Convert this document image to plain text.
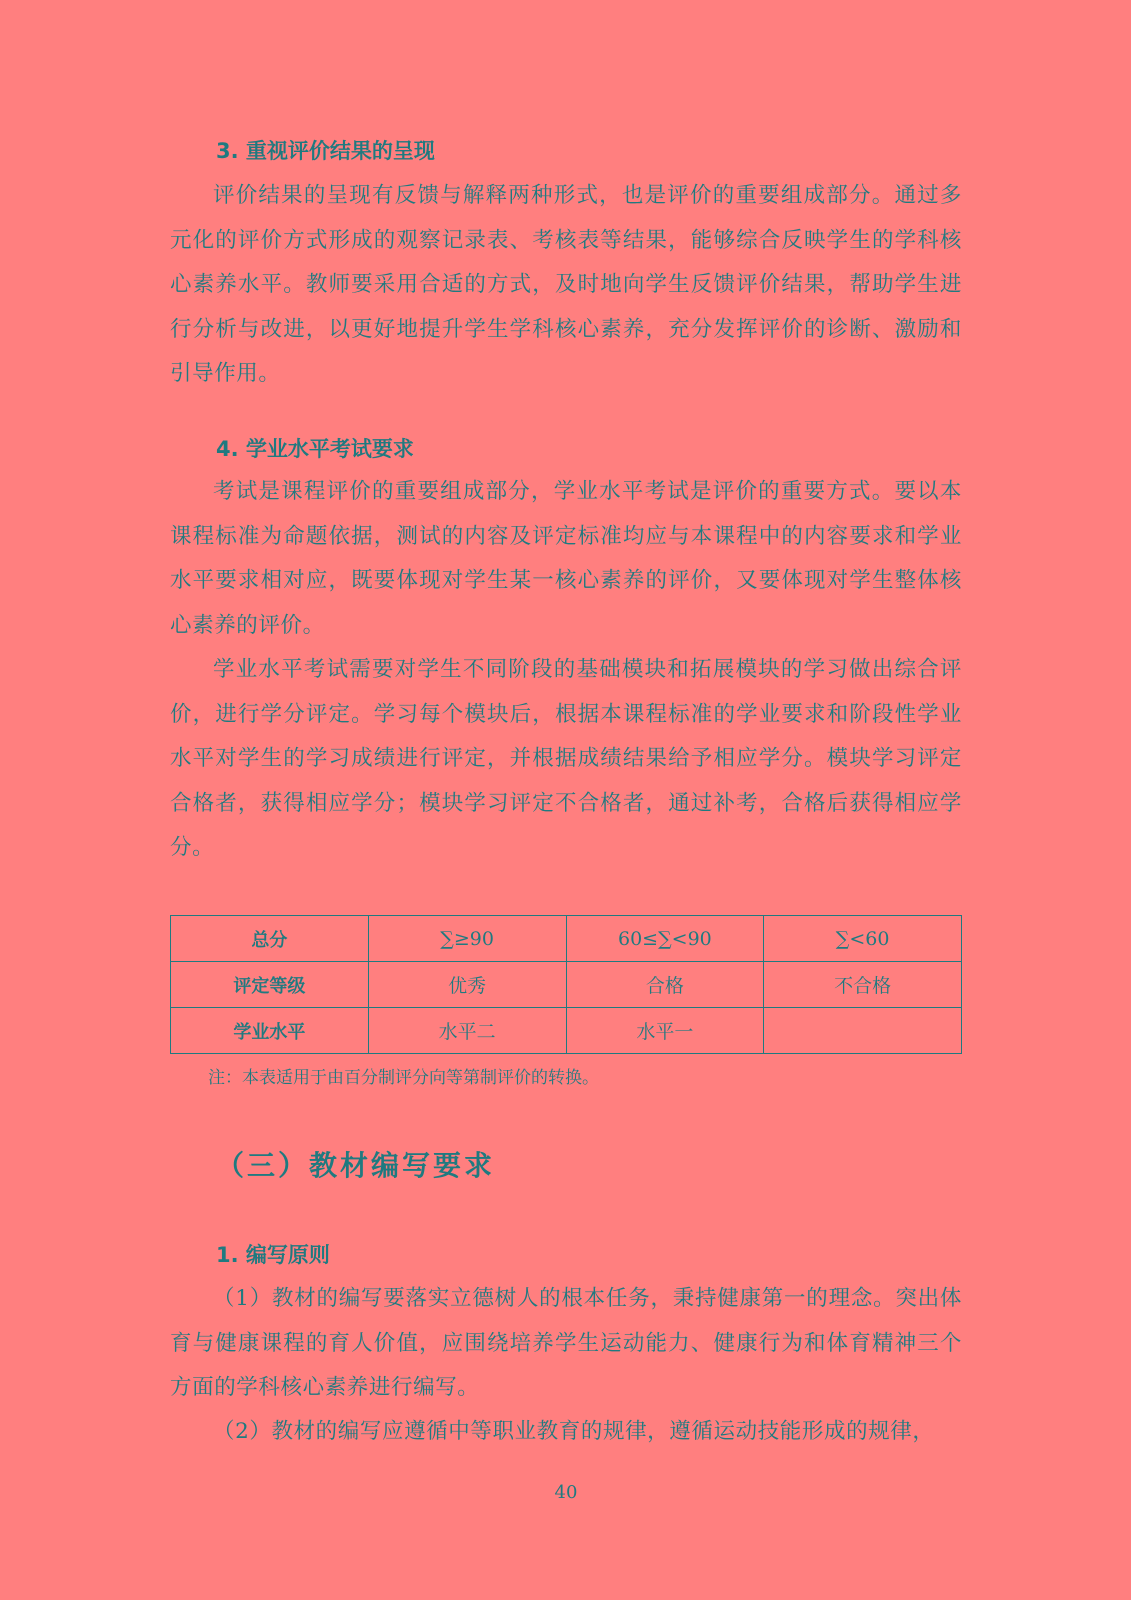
3. 重视评价结果的呈现

评价结果的呈现有反馈与解释两种形式，也是评价的重要组成部分。通过多元化的评价方式形成的观察记录表、考核表等结果，能够综合反映学生的学科核心素养水平。教师要采用合适的方式，及时地向学生反馈评价结果，帮助学生进行分析与改进，以更好地提升学生学科核心素养，充分发挥评价的诊断、激励和引导作用。

4. 学业水平考试要求

考试是课程评价的重要组成部分，学业水平考试是评价的重要方式。要以本课程标准为命题依据，测试的内容及评定标准均应与本课程中的内容要求和学业水平要求相对应，既要体现对学生某一核心素养的评价，又要体现对学生整体核心素养的评价。

学业水平考试需要对学生不同阶段的基础模块和拓展模块的学习做出综合评价，进行学分评定。学习每个模块后，根据本课程标准的学业要求和阶段性学业水平对学生的学习成绩进行评定，并根据成绩结果给予相应学分。模块学习评定合格者，获得相应学分；模块学习评定不合格者，通过补考，合格后获得相应学分。

总分	∑≥90	60≤∑<90	∑<60
评定等级	优秀	合格	不合格
学业水平	水平二	水平一	
注：本表适用于由百分制评分向等第制评价的转换。
（三）教材编写要求
1. 编写原则

（1）教材的编写要落实立德树人的根本任务，秉持健康第一的理念。突出体育与健康课程的育人价值，应围绕培养学生运动能力、健康行为和体育精神三个方面的学科核心素养进行编写。

（2）教材的编写应遵循中等职业教育的规律，遵循运动技能形成的规律，

40
